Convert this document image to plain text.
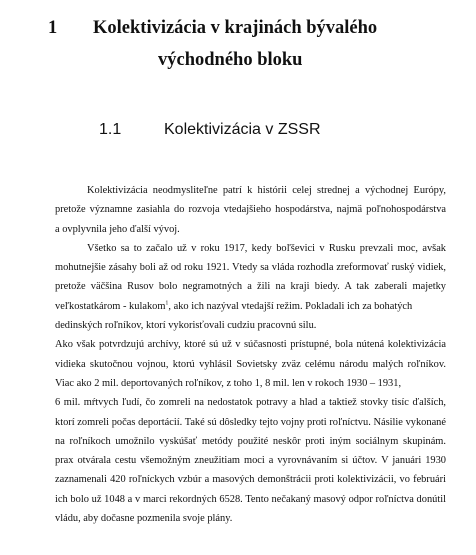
1 Kolektivizácia v krajinách bývalého
východného bloku
1.1	Kolektivizácia v ZSSR
Kolektivizácia neodmysliteľne patrí k histórii celej strednej a východnej Európy,
pretože významne zasiahla do rozvoja vtedajšieho hospodárstva, najmä poľnohospodárstva
a ovplyvnila jeho ďalší vývoj.
Všetko sa to začalo už v roku 1917, kedy boľševici v Rusku prevzali moc, avšak
mohutnejšie zásahy boli až od roku 1921. Vtedy sa vláda rozhodla zreformovať ruský vidiek,
pretože väčšina Rusov bolo negramotných a žili na kraji biedy. A tak zaberali majetky
veľkostatkárom - kulakom$^1$, ako ich nazýval vtedajší režim. Pokladali ich za bohatých
dedinských roľníkov, ktorí vykorisťovali cudziu pracovnú silu.
Ako však potvrdzujú archívy, ktoré sú už v súčasnosti prístupné, bola nútená kolektivizácia
vidieka skutočnou vojnou, ktorú vyhlásil Sovietsky zväz celému národu malých roľníkov.
Viac ako 2 mil. deportovaných roľníkov, z toho 1, 8 mil. len v rokoch 1930 – 1931,
6 mil. mŕtvych ľudí, čo zomreli na nedostatok potravy a hlad a taktiež stovky tisíc ďalších,
ktorí zomreli počas deportácií. Také sú dôsledky tejto vojny proti roľníctvu. Násilie vykonané
na roľníkoch umožnilo vyskúšať metódy použité neskôr proti iným sociálnym skupinám.
prax otvárala cestu všemožným zneužitiam moci a vyrovnávaním si účtov. V januári 1930
zaznamenali 420 roľníckych vzbúr a masových demonštrácii proti kolektivizácii, vo februári
ich bolo už 1048 a v marci rekordných 6528. Tento nečakaný masový odpor roľníctva donútil
vládu, aby dočasne pozmenila svoje plány.
